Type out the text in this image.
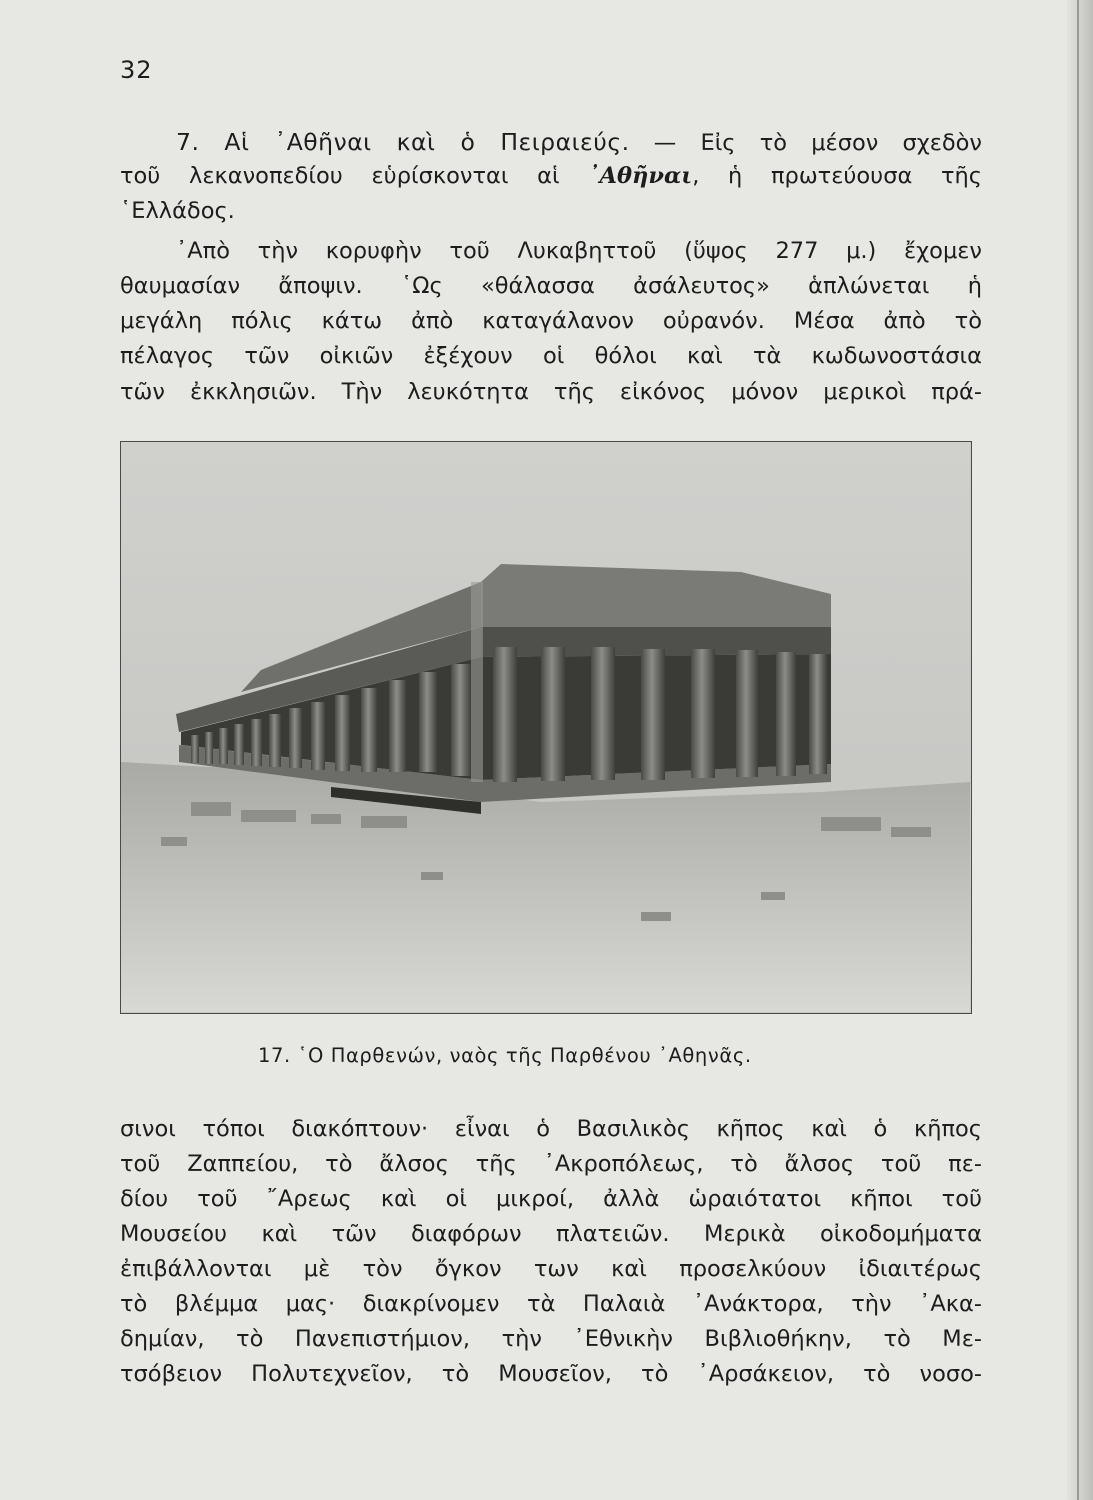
32
7. Αἱ ᾿Αθῆναι καὶ ὁ Πειραιεύς. — Εἰς τὸ μέσον σχεδὸν
τοῦ λεκανοπεδίου εὑρίσκονται αἱ ᾿Αθῆναι, ἡ πρωτεύουσα τῆς
῾Ελλάδος.
᾿Απὸ τὴν κορυφὴν τοῦ Λυκαβηττοῦ (ὕψος 277 μ.) ἔχομεν
θαυμασίαν ἄποψιν. ῾Ως «θάλασσα ἀσάλευτος» ἁπλώνεται ἡ
μεγάλη πόλις κάτω ἀπὸ καταγάλανον οὐρανόν. Μέσα ἀπὸ τὸ
πέλαγος τῶν οἰκιῶν ἐξέχουν οἱ θόλοι καὶ τὰ κωδωνοστάσια
τῶν ἐκκλησιῶν. Τὴν λευκότητα τῆς εἰκόνος μόνον μερικοὶ πρά-
17. ῾Ο Παρθενών, ναὸς τῆς Παρθένου ᾿Αθηνᾶς.
σινοι τόποι διακόπτουν· εἶναι ὁ Βασιλικὸς κῆπος καὶ ὁ κῆπος
τοῦ Ζαππείου, τὸ ἄλσος τῆς ᾿Ακροπόλεως, τὸ ἄλσος τοῦ πε-
δίου τοῦ ῎Αρεως καὶ οἱ μικροί, ἀλλὰ ὡραιότατοι κῆποι τοῦ
Μουσείου καὶ τῶν διαφόρων πλατειῶν. Μερικὰ οἰκοδομήματα
ἐπιβάλλονται μὲ τὸν ὄγκον των καὶ προσελκύουν ἰδιαιτέρως
τὸ βλέμμα μας· διακρίνομεν τὰ Παλαιὰ ᾿Ανάκτορα, τὴν ᾿Ακα-
δημίαν, τὸ Πανεπιστήμιον, τὴν ᾿Εθνικὴν Βιβλιοθήκην, τὸ Με-
τσόβειον Πολυτεχνεῖον, τὸ Μουσεῖον, τὸ ᾿Αρσάκειον, τὸ νοσο-
